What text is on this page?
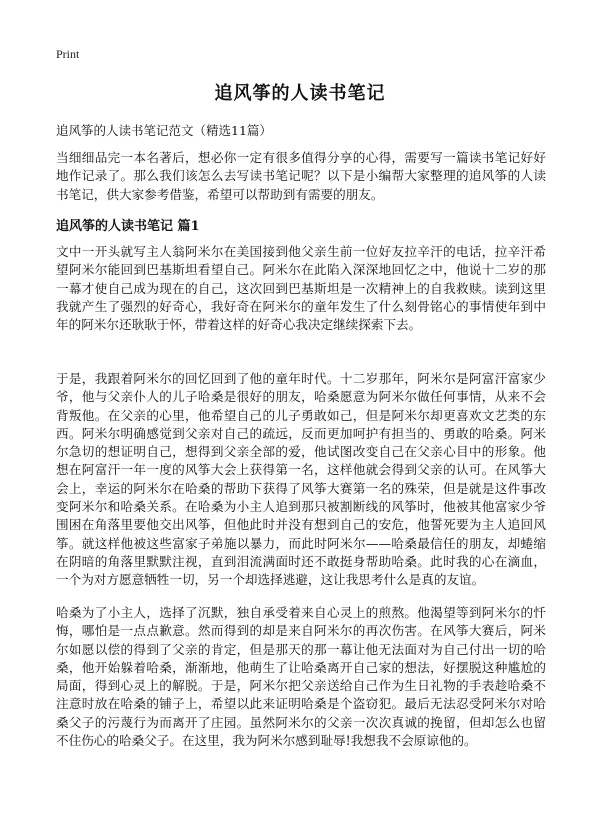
Print
追风筝的人读书笔记

追风筝的人读书笔记范文（精选11篇）

当细细品完一本名著后，想必你一定有很多值得分享的心得，需要写一篇读书笔记好好地作记录了。那么我们该怎么去写读书笔记呢？以下是小编帮大家整理的追风筝的人读书笔记，供大家参考借鉴，希望可以帮助到有需要的朋友。

追风筝的人读书笔记 篇1

文中一开头就写主人翁阿米尔在美国接到他父亲生前一位好友拉辛汗的电话，拉辛汗希望阿米尔能回到巴基斯坦看望自己。阿米尔在此陷入深深地回忆之中，他说十二岁的那一幕才使自己成为现在的自己，这次回到巴基斯坦是一次精神上的自我救赎。读到这里我就产生了强烈的好奇心，我好奇在阿米尔的童年发生了什么刻骨铭心的事情使年到中年的阿米尔还耿耿于怀，带着这样的好奇心我决定继续探索下去。

于是，我跟着阿米尔的回忆回到了他的童年时代。十二岁那年，阿米尔是阿富汗富家少爷，他与父亲仆人的儿子哈桑是很好的朋友，哈桑愿意为阿米尔做任何事情，从来不会背叛他。在父亲的心里，他希望自己的儿子勇敢如己，但是阿米尔却更喜欢文艺类的东西。阿米尔明确感觉到父亲对自己的疏远，反而更加呵护有担当的、勇敢的哈桑。阿米尔急切的想证明自己，想得到父亲全部的爱，他试图改变自己在父亲心目中的形象。他想在阿富汗一年一度的风筝大会上获得第一名，这样他就会得到父亲的认可。在风筝大会上，幸运的阿米尔在哈桑的帮助下获得了风筝大赛第一名的殊荣，但是就是这件事改变阿米尔和哈桑关系。在哈桑为小主人追到那只被割断线的风筝时，他被其他富家少爷围困在角落里要他交出风筝，但他此时并没有想到自己的安危，他誓死要为主人追回风筝。就这样他被这些富家子弟施以暴力，而此时阿米尔——哈桑最信任的朋友，却蜷缩在阴暗的角落里默默注视，直到泪流满面时还不敢挺身帮助哈桑。此时我的心在滴血，一个为对方愿意牺牲一切，另一个却选择逃避，这让我思考什么是真的友谊。

哈桑为了小主人，选择了沉默，独自承受着来自心灵上的煎熬。他渴望等到阿米尔的忏悔，哪怕是一点点歉意。然而得到的却是来自阿米尔的再次伤害。在风筝大赛后，阿米尔如愿以偿的得到了父亲的肯定，但是那天的那一幕让他无法面对为自己付出一切的哈桑，他开始躲着哈桑，渐渐地，他萌生了让哈桑离开自己家的想法，好摆脱这种尴尬的局面，得到心灵上的解脱。于是，阿米尔把父亲送给自己作为生日礼物的手表趁哈桑不注意时放在哈桑的铺子上，希望以此来证明哈桑是个盗窃犯。最后无法忍受阿米尔对哈桑父子的污蔑行为而离开了庄园。虽然阿米尔的父亲一次次真诚的挽留，但却怎么也留不住伤心的哈桑父子。在这里，我为阿米尔感到耻辱!我想我不会原谅他的。
